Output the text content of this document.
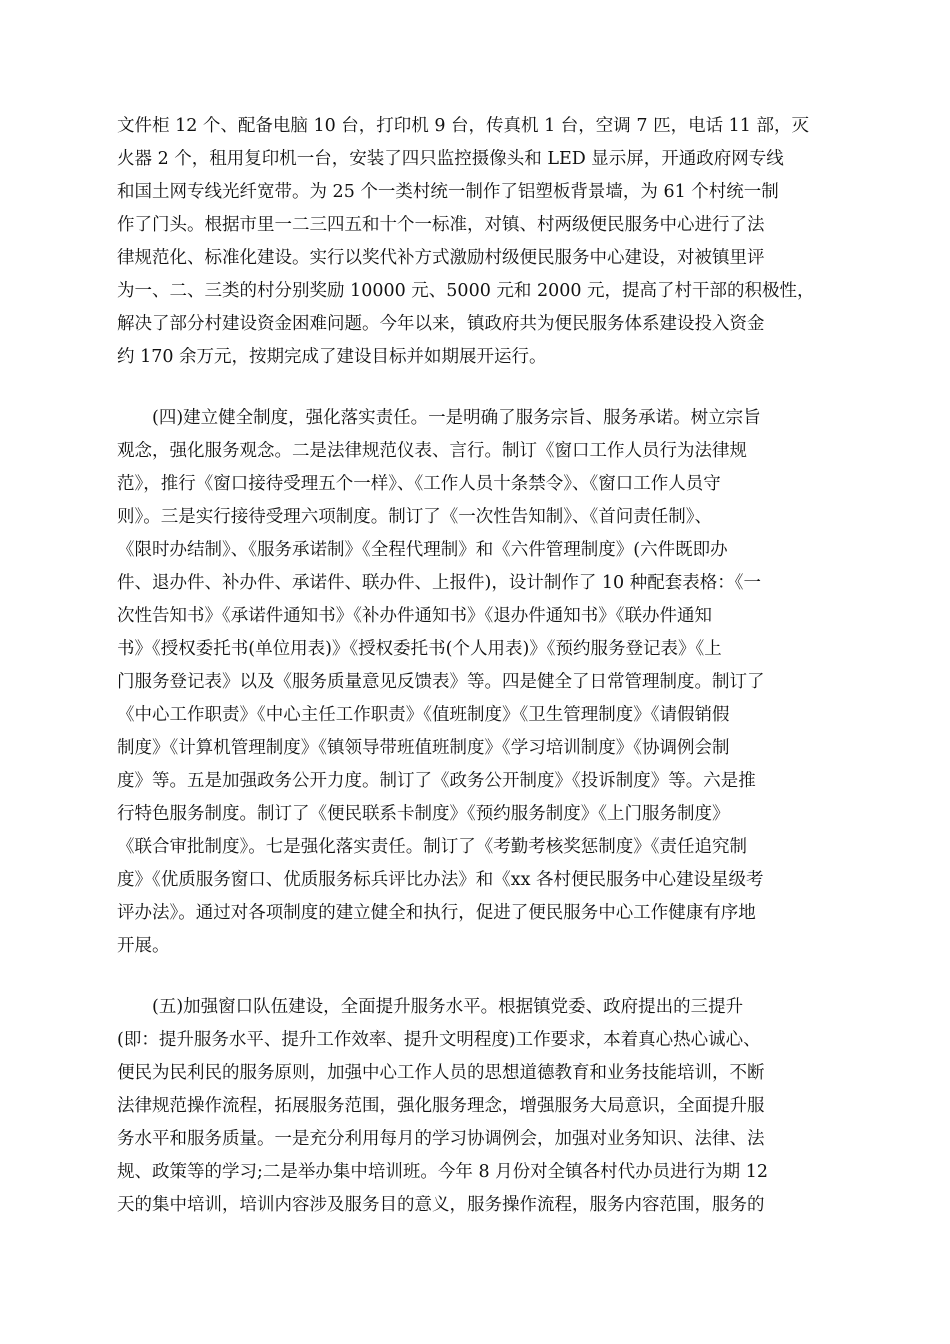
文件柜 12 个、配备电脑 10 台，打印机 9 台，传真机 1 台，空调 7 匹，电话 11 部，灭
火器 2 个，租用复印机一台，安装了四只监控摄像头和 LED 显示屏，开通政府网专线
和国土网专线光纤宽带。为 25 个一类村统一制作了铝塑板背景墙，为 61 个村统一制
作了门头。根据市里一二三四五和十个一标准，对镇、村两级便民服务中心进行了法
律规范化、标准化建设。实行以奖代补方式激励村级便民服务中心建设，对被镇里评
为一、二、三类的村分别奖励 10000 元、5000 元和 2000 元，提高了村干部的积极性，
解决了部分村建设资金困难问题。今年以来，镇政府共为便民服务体系建设投入资金
约 170 余万元，按期完成了建设目标并如期展开运行。
　　(四)建立健全制度，强化落实责任。一是明确了服务宗旨、服务承诺。树立宗旨
观念，强化服务观念。二是法律规范仪表、言行。制订《窗口工作人员行为法律规
范》，推行《窗口接待受理五个一样》、《工作人员十条禁令》、《窗口工作人员守
则》。三是实行接待受理六项制度。制订了《一次性告知制》、《首问责任制》、
《限时办结制》、《服务承诺制》《全程代理制》和《六件管理制度》(六件既即办
件、退办件、补办件、承诺件、联办件、上报件)，设计制作了 10 种配套表格：《一
次性告知书》《承诺件通知书》《补办件通知书》《退办件通知书》《联办件通知
书》《授权委托书(单位用表)》《授权委托书(个人用表)》《预约服务登记表》《上
门服务登记表》以及《服务质量意见反馈表》等。四是健全了日常管理制度。制订了
《中心工作职责》《中心主任工作职责》《值班制度》《卫生管理制度》《请假销假
制度》《计算机管理制度》《镇领导带班值班制度》《学习培训制度》《协调例会制
度》等。五是加强政务公开力度。制订了《政务公开制度》《投诉制度》等。六是推
行特色服务制度。制订了《便民联系卡制度》《预约服务制度》《上门服务制度》
《联合审批制度》。七是强化落实责任。制订了《考勤考核奖惩制度》《责任追究制
度》《优质服务窗口、优质服务标兵评比办法》和《xx 各村便民服务中心建设星级考
评办法》。通过对各项制度的建立健全和执行，促进了便民服务中心工作健康有序地
开展。
　　(五)加强窗口队伍建设，全面提升服务水平。根据镇党委、政府提出的三提升
(即：提升服务水平、提升工作效率、提升文明程度)工作要求，本着真心热心诚心、
便民为民利民的服务原则，加强中心工作人员的思想道德教育和业务技能培训，不断
法律规范操作流程，拓展服务范围，强化服务理念，增强服务大局意识，全面提升服
务水平和服务质量。一是充分利用每月的学习协调例会，加强对业务知识、法律、法
规、政策等的学习;二是举办集中培训班。今年 8 月份对全镇各村代办员进行为期 12
天的集中培训，培训内容涉及服务目的意义，服务操作流程，服务内容范围，服务的
